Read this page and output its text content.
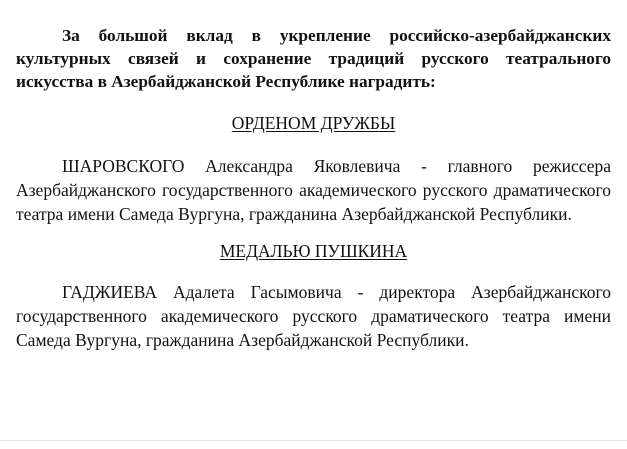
За большой вклад в укрепление российско-азербайджанских культурных связей и сохранение традиций русского театрального искусства в Азербайджанской Республике наградить:

ОРДЕНОМ ДРУЖБЫ

ШАРОВСКОГО Александра Яковлевича - главного режиссера Азербайджанского государственного академического русского драматического театра имени Самеда Вургуна, гражданина Азербайджанской Республики.

МЕДАЛЬЮ ПУШКИНА

ГАДЖИЕВА Адалета Гасымовича - директора Азербайджанского государственного академического русского драматического театра имени Самеда Вургуна, гражданина Азербайджанской Республики.
